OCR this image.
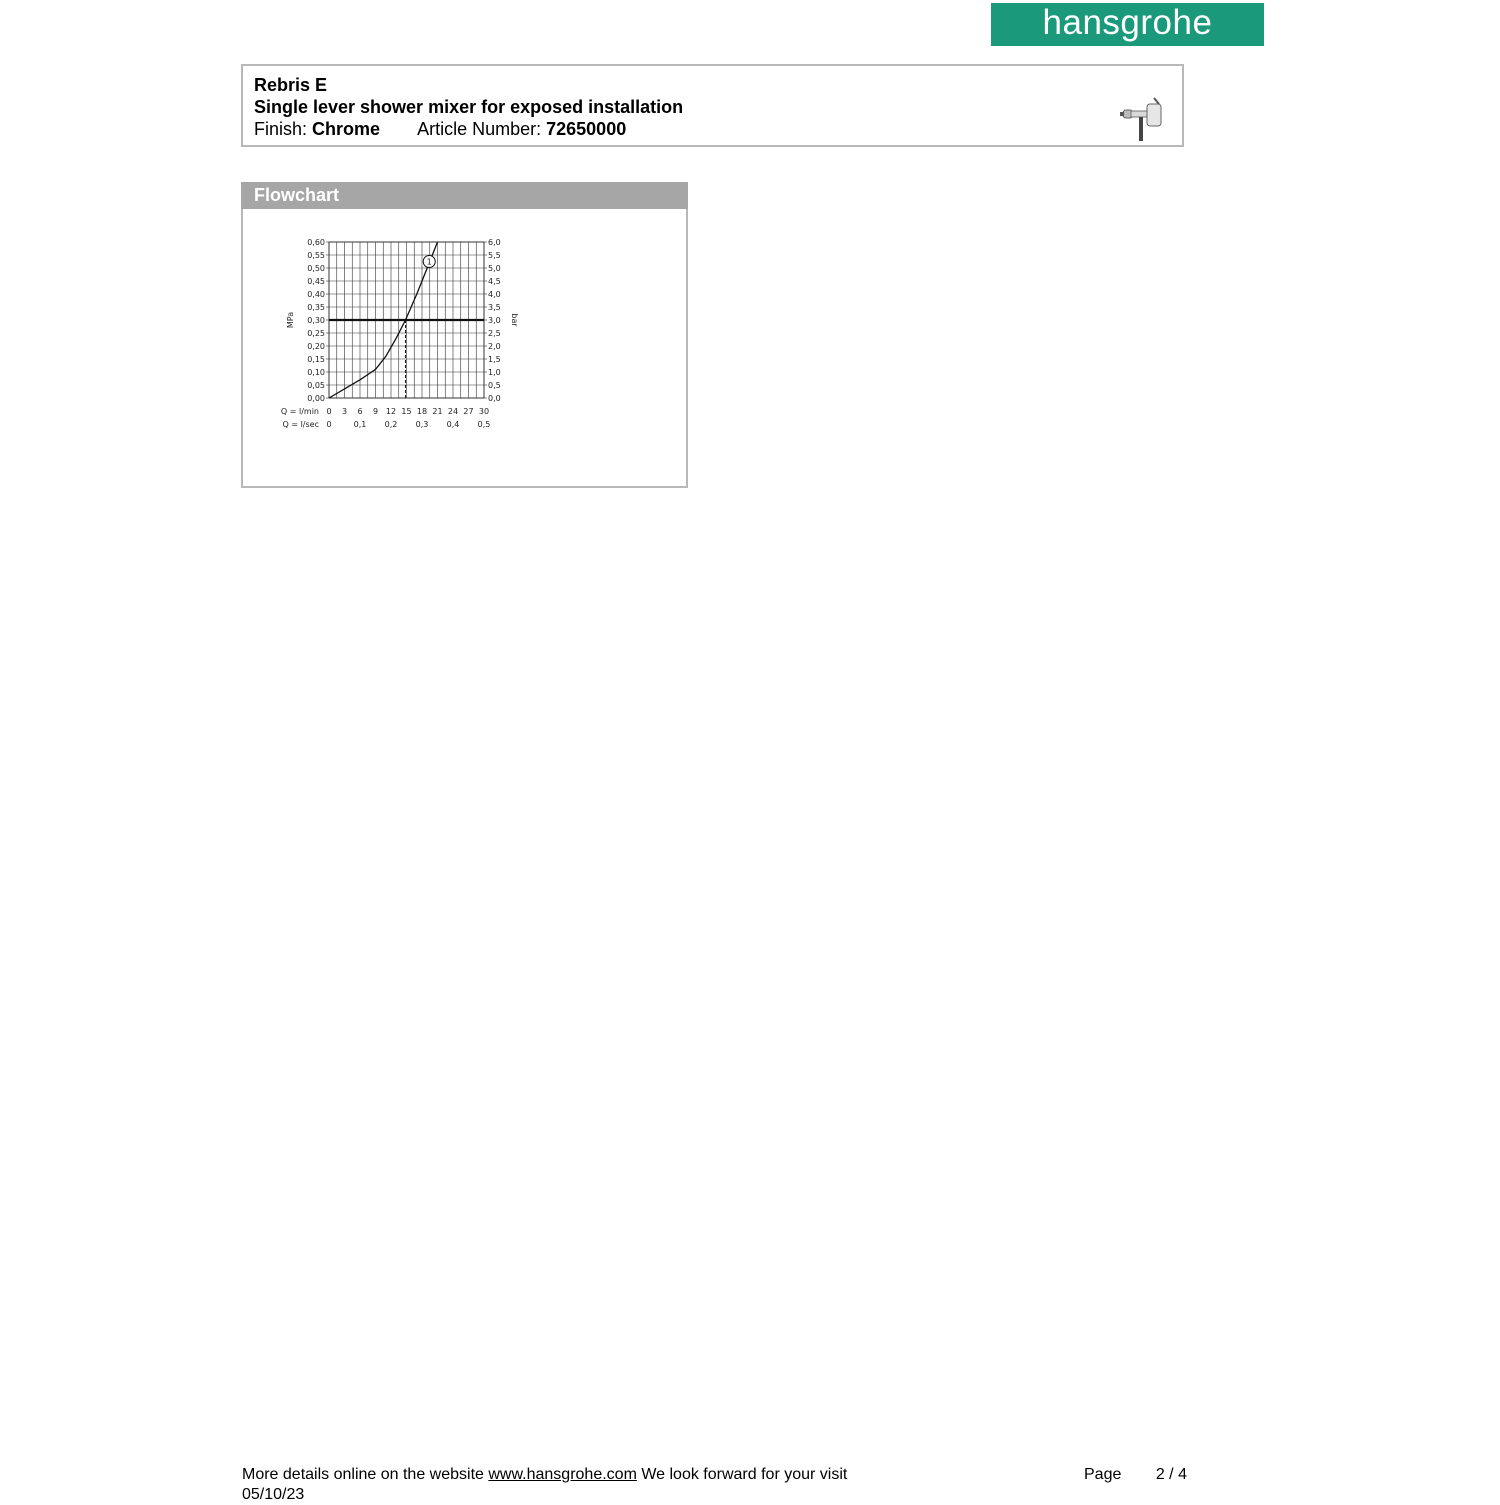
hansgrohe
Rebris E
Single lever shower mixer for exposed installation
Finish: Chrome Article Number: 72650000
Flowchart
0,00	0,0
0,05	0,5
0,10	1,0
0,15	1,5
0,20	2,0
0,25	2,5
0,30	3,0
0,35	3,5
0,40	4,0
0,45	4,5
0,50	5,0
0,55	5,5
0,60	6,0
MPa	bar
Q = l/min 0 3 6 9 12 15 18 21 24 27 30
Q = l/sec 0	0,1 0,2 0,3 0,4 0,5
1
More details online on the website www.hansgrohe.com We look forward for your visit	Page 2 / 4
05/10/23
